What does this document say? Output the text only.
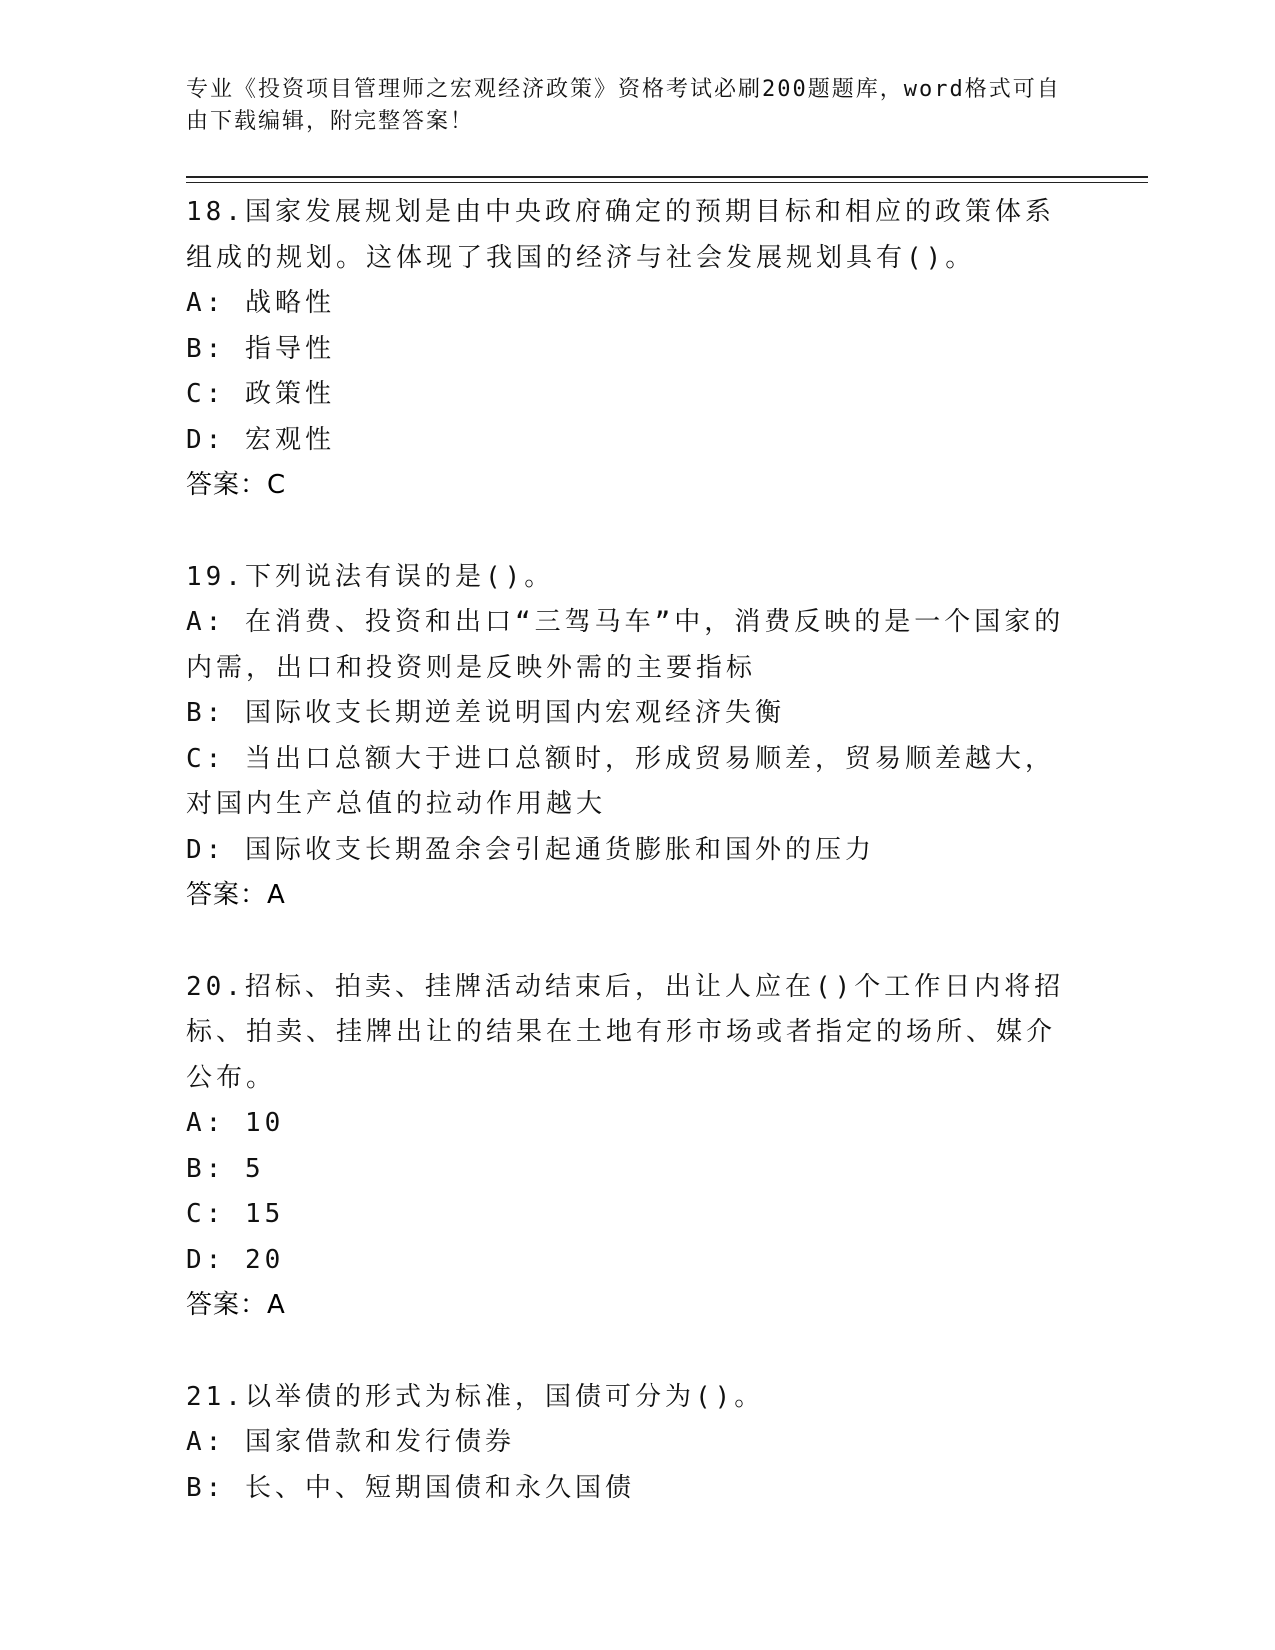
专业《投资项目管理师之宏观经济政策》资格考试必刷200题题库，word格式可自由下载编辑，附完整答案！

18.国家发展规划是由中央政府确定的预期目标和相应的政策体系组成的规划。这体现了我国的经济与社会发展规划具有()。

A: 战略性

B: 指导性

C: 政策性

D: 宏观性

答案：C

19.下列说法有误的是()。

A: 在消费、投资和出口“三驾马车”中，消费反映的是一个国家的内需，出口和投资则是反映外需的主要指标

B: 国际收支长期逆差说明国内宏观经济失衡

C: 当出口总额大于进口总额时，形成贸易顺差，贸易顺差越大，对国内生产总值的拉动作用越大

D: 国际收支长期盈余会引起通货膨胀和国外的压力

答案：A

20.招标、拍卖、挂牌活动结束后，出让人应在()个工作日内将招标、拍卖、挂牌出让的结果在土地有形市场或者指定的场所、媒介公布。

A: 10

B: 5

C: 15

D: 20

答案：A

21.以举债的形式为标准，国债可分为()。

A: 国家借款和发行债券

B: 长、中、短期国债和永久国债
